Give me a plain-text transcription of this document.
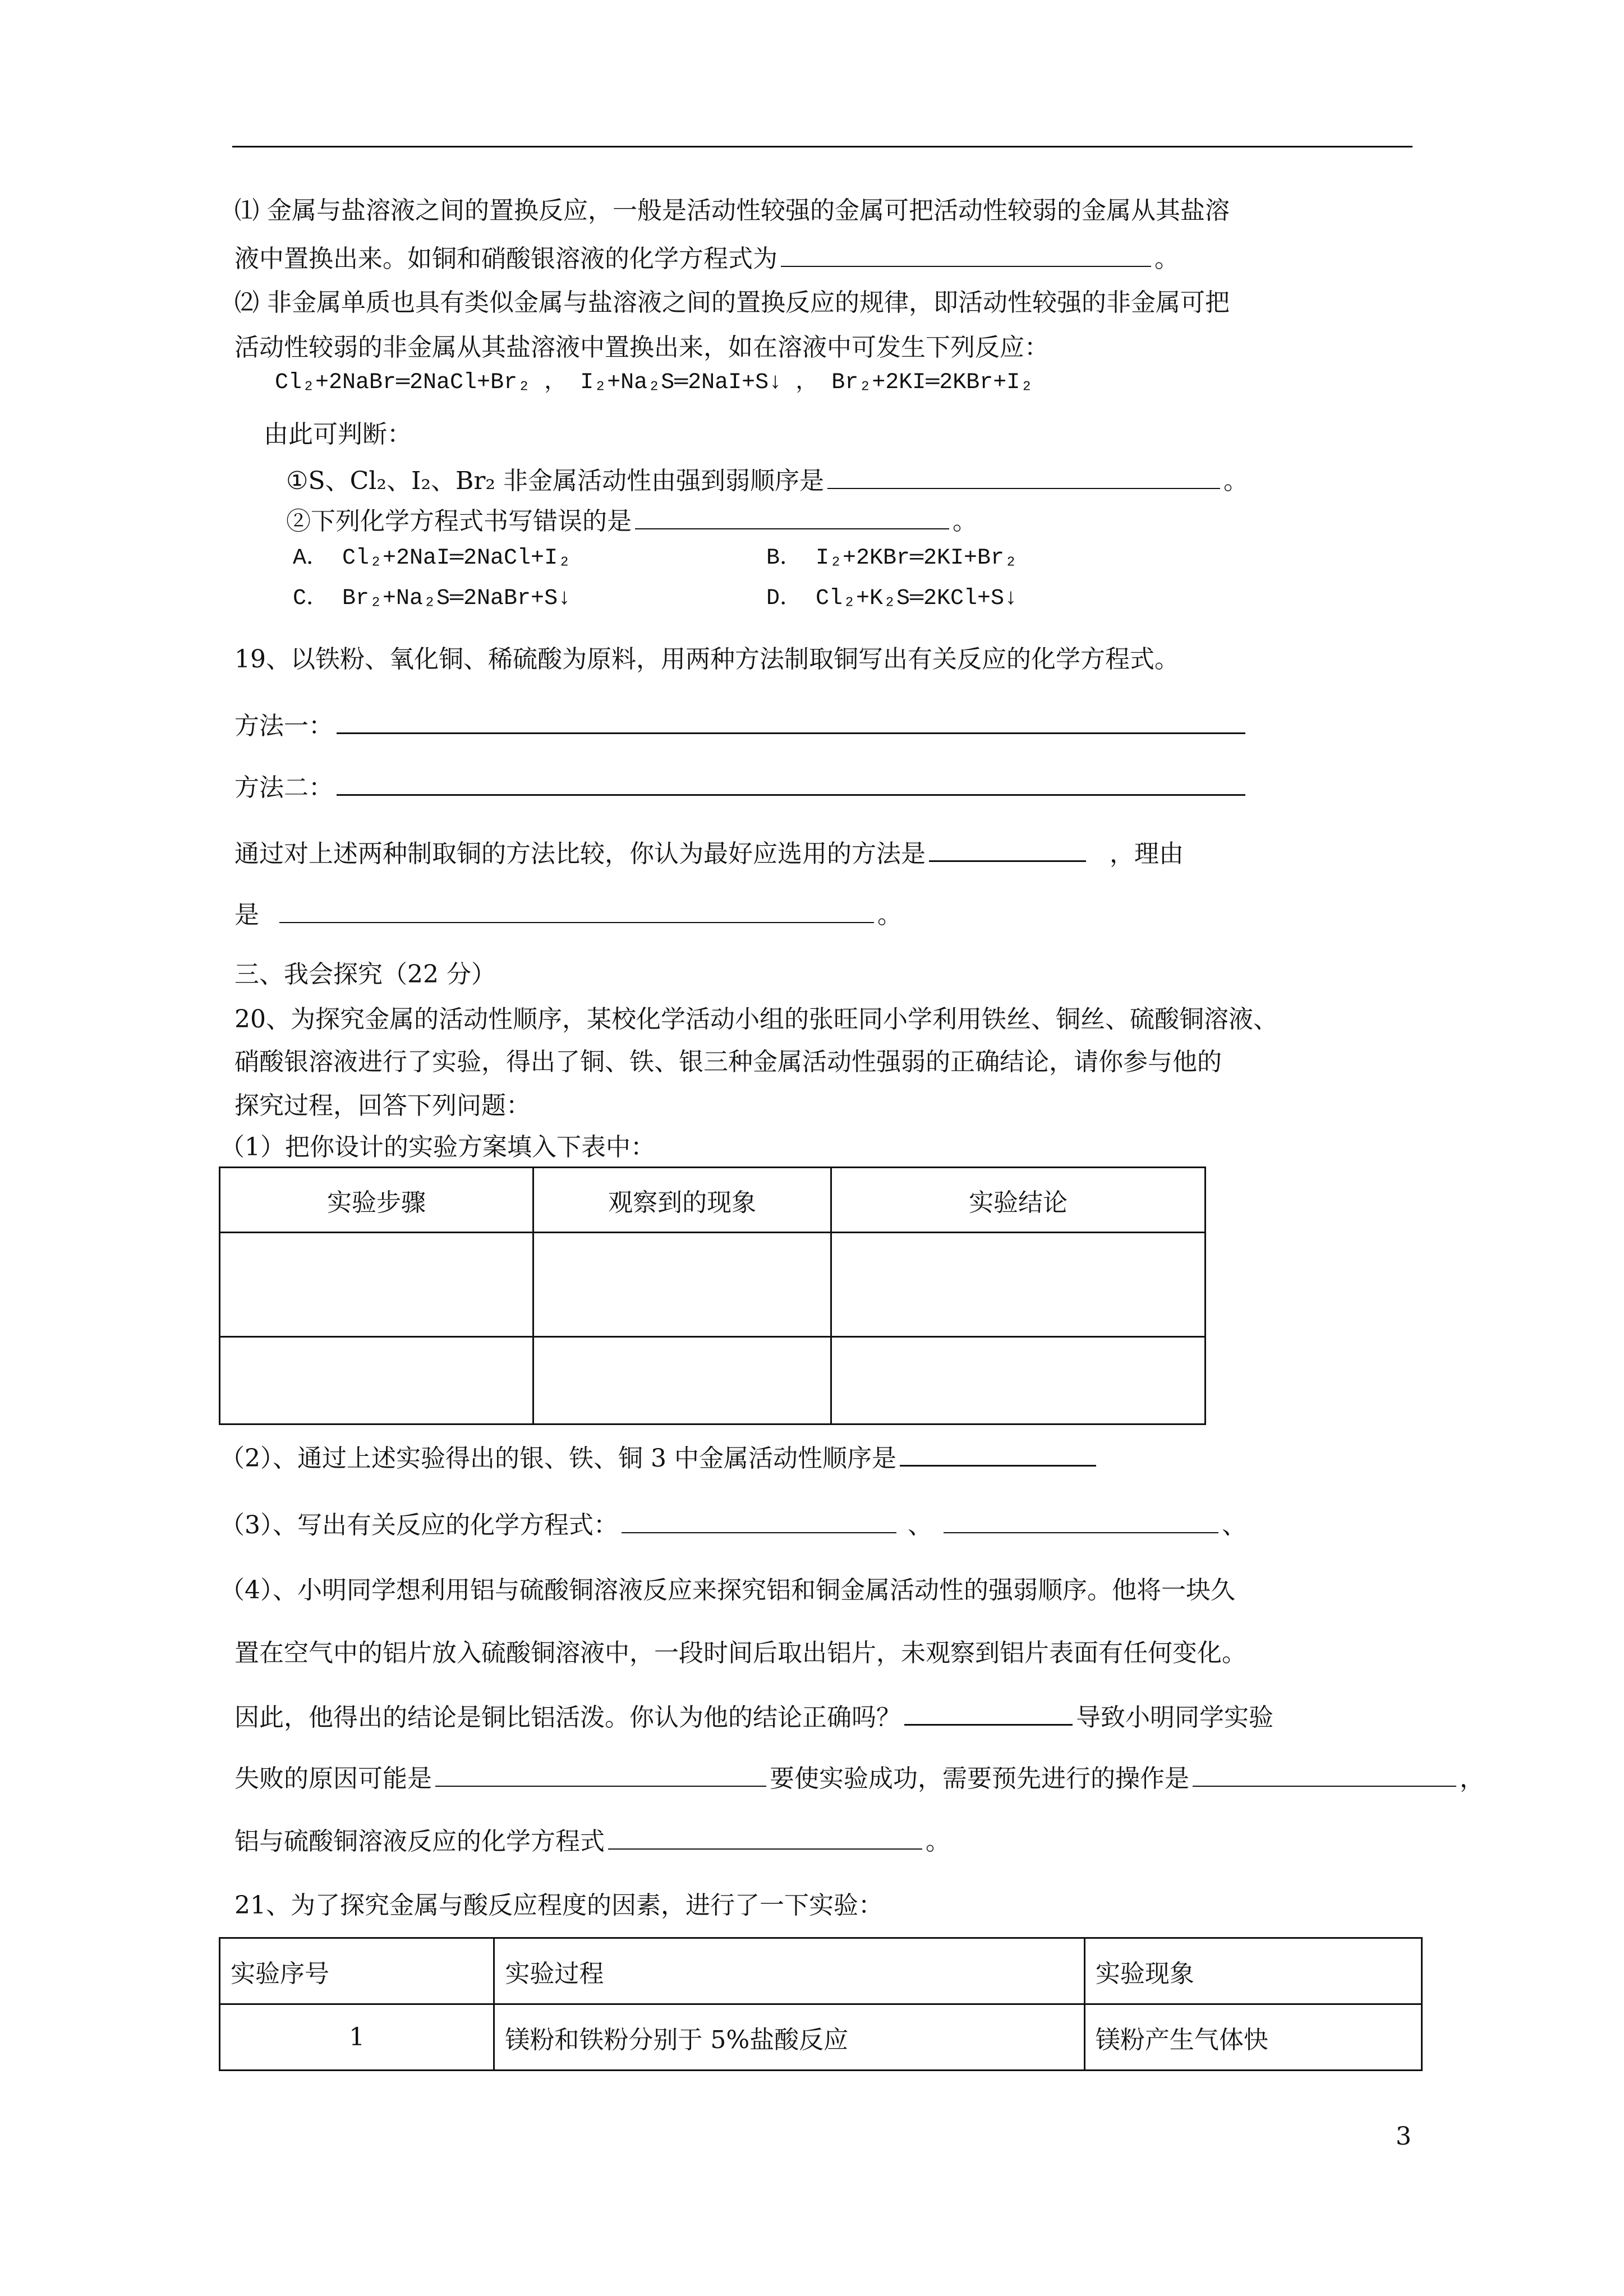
⑴ 金属与盐溶液之间的置换反应，一般是活动性较强的金属可把活动性较弱的金属从其盐溶
液中置换出来。如铜和硝酸银溶液的化学方程式为	。
⑵ 非金属单质也具有类似金属与盐溶液之间的置换反应的规律，即活动性较强的非金属可把
活动性较弱的非金属从其盐溶液中置换出来，如在溶液中可发生下列反应：
Cl₂+2NaBr═2NaCl+Br₂ ， I₂+Na₂S═2NaI+S↓ ， Br₂+2KI═2KBr+I₂
由此可判断：
①S、Cl₂、I₂、Br₂ 非金属活动性由强到弱顺序是	。
②下列化学方程式书写错误的是	。
A． Cl₂+2NaI═2NaCl+I₂	B． I₂+2KBr═2KI+Br₂
C． Br₂+Na₂S═2NaBr+S↓	D． Cl₂+K₂S═2KCl+S↓
19、以铁粉、氧化铜、稀硫酸为原料，用两种方法制取铜写出有关反应的化学方程式。
方法一：
方法二：
通过对上述两种制取铜的方法比较，你认为最好应选用的方法是	，理由
是	。
三、我会探究（22 分）
20、为探究金属的活动性顺序，某校化学活动小组的张旺同小学利用铁丝、铜丝、硫酸铜溶液、
硝酸银溶液进行了实验，得出了铜、铁、银三种金属活动性强弱的正确结论，请你参与他的
探究过程，回答下列问题：
（1）把你设计的实验方案填入下表中：
实验步骤	观察到的现象	实验结论

（2）、通过上述实验得出的银、铁、铜 3 中金属活动性顺序是
（3）、写出有关反应的化学方程式：	、	、
（4）、小明同学想利用铝与硫酸铜溶液反应来探究铝和铜金属活动性的强弱顺序。他将一块久
置在空气中的铝片放入硫酸铜溶液中，一段时间后取出铝片，未观察到铝片表面有任何变化。
因此，他得出的结论是铜比铝活泼。你认为他的结论正确吗？	导致小明同学实验
失败的原因可能是	要使实验成功，需要预先进行的操作是	，
铝与硫酸铜溶液反应的化学方程式	。
21、为了探究金属与酸反应程度的因素，进行了一下实验：
实验序号	实验过程	实验现象
1	镁粉和铁粉分别于 5%盐酸反应	镁粉产生气体快
3
